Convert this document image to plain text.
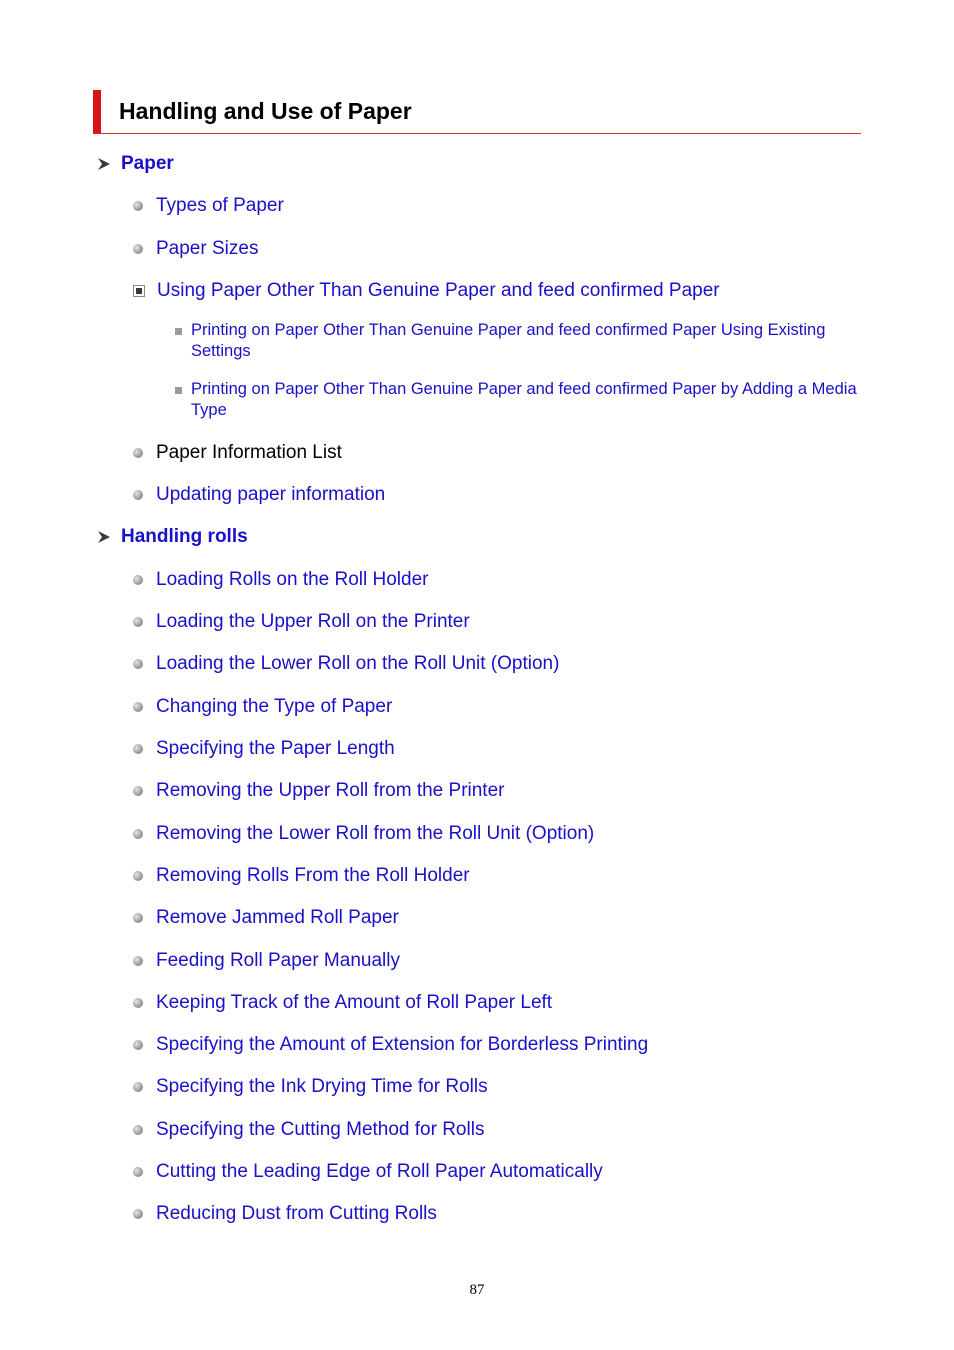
Handling and Use of Paper
Paper
Types of Paper
Paper Sizes
Using Paper Other Than Genuine Paper and feed confirmed Paper
Printing on Paper Other Than Genuine Paper and feed confirmed Paper Using Existing Settings
Printing on Paper Other Than Genuine Paper and feed confirmed Paper by Adding a Media Type
Paper Information List
Updating paper information
Handling rolls
Loading Rolls on the Roll Holder
Loading the Upper Roll on the Printer
Loading the Lower Roll on the Roll Unit (Option)
Changing the Type of Paper
Specifying the Paper Length
Removing the Upper Roll from the Printer
Removing the Lower Roll from the Roll Unit (Option)
Removing Rolls From the Roll Holder
Remove Jammed Roll Paper
Feeding Roll Paper Manually
Keeping Track of the Amount of Roll Paper Left
Specifying the Amount of Extension for Borderless Printing
Specifying the Ink Drying Time for Rolls
Specifying the Cutting Method for Rolls
Cutting the Leading Edge of Roll Paper Automatically
Reducing Dust from Cutting Rolls
87
